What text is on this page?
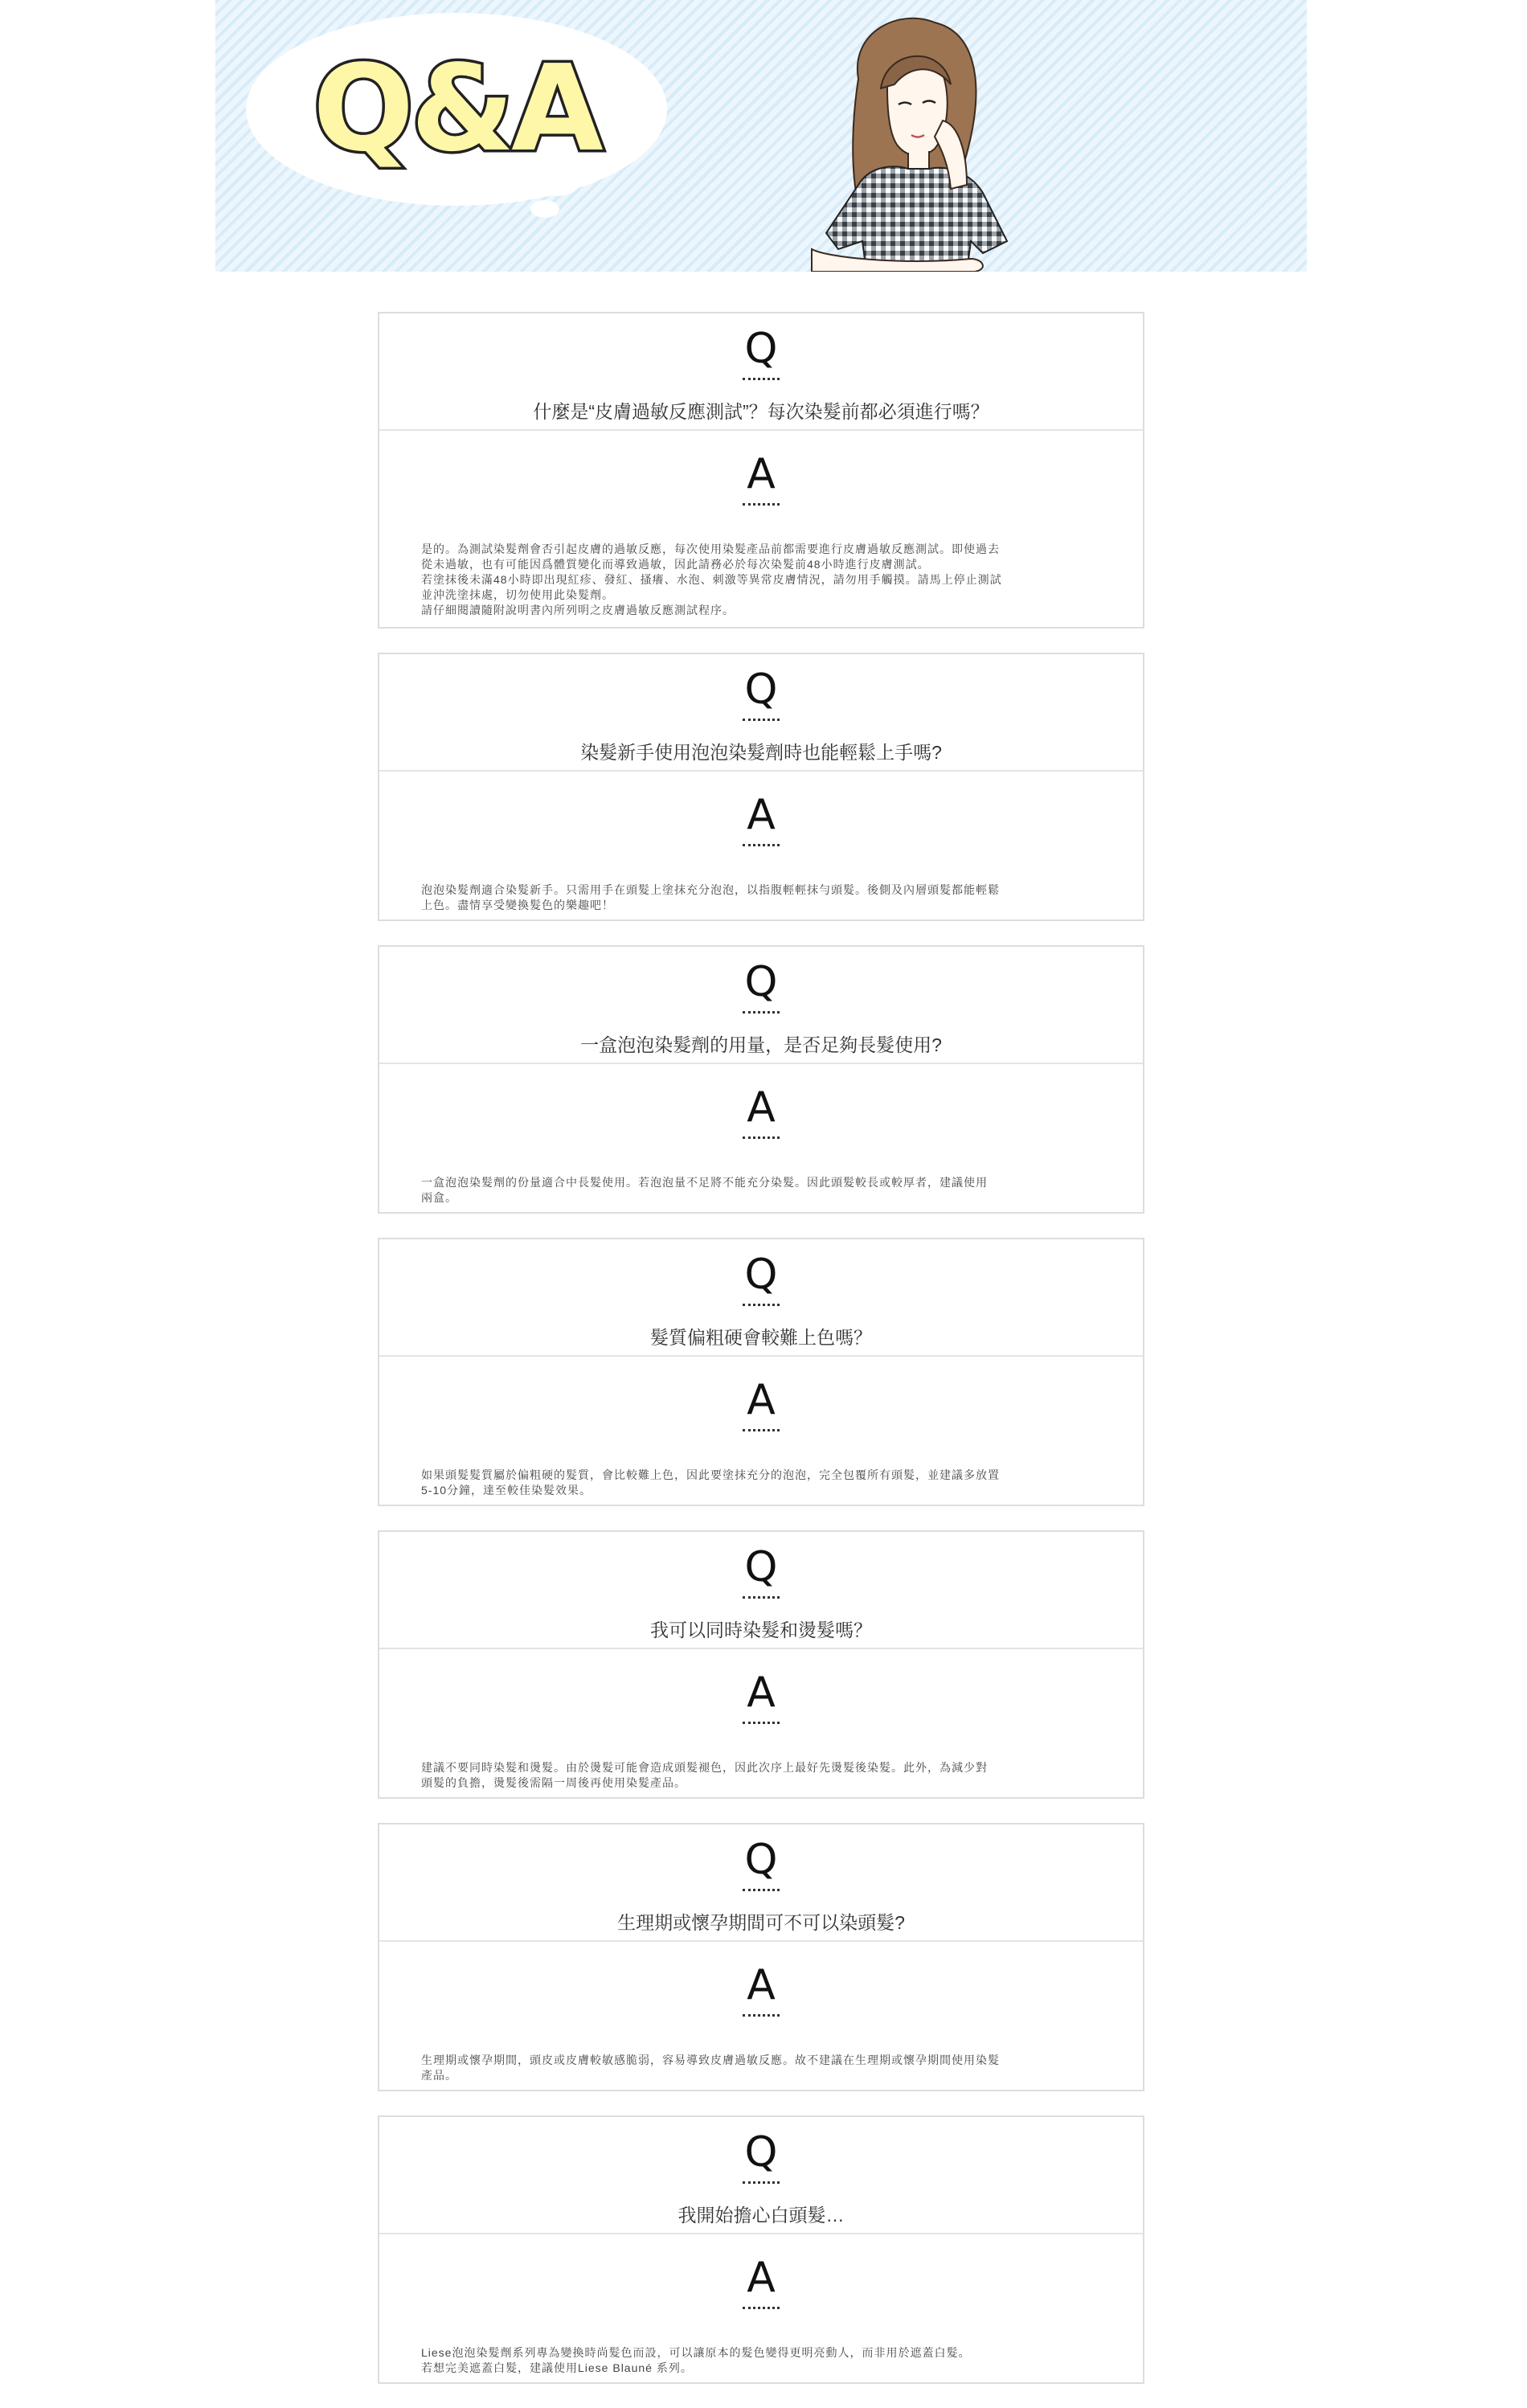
Q&A
Q
什麼是“皮膚過敏反應測試”？每次染髮前都必須進行嗎？
A

是的。為測試染髮劑會否引起皮膚的過敏反應，每次使用染髮產品前都需要進行皮膚過敏反應測試。即使過去

從未過敏，也有可能因爲體質變化而導致過敏，因此請務必於每次染髮前48小時進行皮膚測試。

若塗抹後未滿48小時即出現紅疹、發紅、搔癢、水泡、刺激等異常皮膚情況，請勿用手觸摸。請馬上停止測試

並沖洗塗抹處，切勿使用此染髮劑。

請仔細閱讀隨附說明書內所列明之皮膚過敏反應測試程序。

Q
染髮新手使用泡泡染髮劑時也能輕鬆上手嗎?
A

泡泡染髮劑適合染髮新手。只需用手在頭髮上塗抹充分泡泡，以指腹輕輕抹勻頭髮。後側及內層頭髮都能輕鬆

上色。盡情享受變換髮色的樂趣吧！

Q
一盒泡泡染髮劑的用量，是否足夠長髮使用?
A

一盒泡泡染髮劑的份量適合中長髮使用。若泡泡量不足將不能充分染髮。因此頭髮較長或較厚者，建議使用

兩盒。

Q
髮質偏粗硬會較難上色嗎？
A

如果頭髮髮質屬於偏粗硬的髮質，會比較難上色，因此要塗抹充分的泡泡，完全包覆所有頭髮，並建議多放置

5-10分鐘，達至較佳染髮效果。

Q
我可以同時染髮和燙髮嗎？
A

建議不要同時染髮和燙髮。由於燙髮可能會造成頭髮褪色，因此次序上最好先燙髮後染髮。此外，為減少對

頭髮的負擔，燙髮後需隔一周後再使用染髮產品。

Q
生理期或懷孕期間可不可以染頭髮?
A

生理期或懷孕期間，頭皮或皮膚較敏感脆弱，容易導致皮膚過敏反應。故不建議在生理期或懷孕期間使用染髮

產品。

Q
我開始擔心白頭髮…
A

Liese泡泡染髮劑系列專為變換時尚髮色而設，可以讓原本的髮色變得更明亮動人，而非用於遮蓋白髮。

若想完美遮蓋白髮，建議使用Liese Blauné 系列。
